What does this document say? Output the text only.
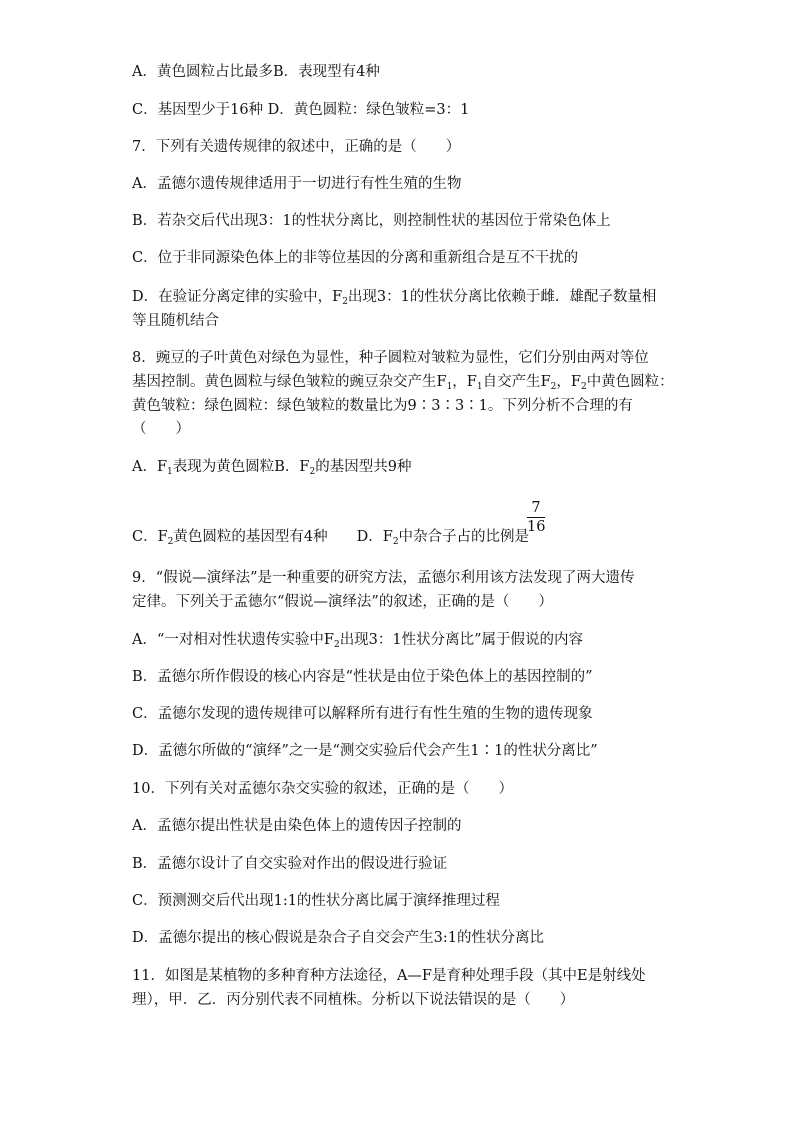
A．黄色圆粒占比最多B．表现型有4种
C．基因型少于16种 D．黄色圆粒：绿色皱粒=3：1
7．下列有关遗传规律的叙述中，正确的是（　　）
A．孟德尔遗传规律适用于一切进行有性生殖的生物
B．若杂交后代出现3：1的性状分离比，则控制性状的基因位于常染色体上
C．位于非同源染色体上的非等位基因的分离和重新组合是互不干扰的
D．在验证分离定律的实验中，$F_2$出现3：1的性状分离比依赖于雌．雄配子数量相
等且随机结合
8．豌豆的子叶黄色对绿色为显性，种子圆粒对皱粒为显性，它们分别由两对等位
基因控制。黄色圆粒与绿色皱粒的豌豆杂交产生$F_1$，$F_1$自交产生$F_2$，$F_2$中黄色圆粒：
黄色皱粒：绿色圆粒：绿色皱粒的数量比为9∶3∶3∶1。下列分析不合理的有
（　　）
A．$F_1$表现为黄色圆粒B．$F_2$的基因型共9种
C．$F_2$黄色圆粒的基因型有4种　　D．$F_2$中杂合子占的比例是
7
16
9．“假说—演绎法”是一种重要的研究方法，孟德尔利用该方法发现了两大遗传
定律。下列关于孟德尔“假说—演绎法”的叙述，正确的是（　　）
A．“一对相对性状遗传实验中$F_2$出现3：1性状分离比”属于假说的内容
B．孟德尔所作假设的核心内容是“性状是由位于染色体上的基因控制的”
C．孟德尔发现的遗传规律可以解释所有进行有性生殖的生物的遗传现象
D．孟德尔所做的“演绎”之一是“测交实验后代会产生1∶1的性状分离比”
10．下列有关对孟德尔杂交实验的叙述，正确的是（　　）
A．孟德尔提出性状是由染色体上的遗传因子控制的
B．孟德尔设计了自交实验对作出的假设进行验证
C．预测测交后代出现1:1的性状分离比属于演绎推理过程
D．孟德尔提出的核心假说是杂合子自交会产生3:1的性状分离比
11．如图是某植物的多种育种方法途径，A—F是育种处理手段（其中E是射线处
理），甲．乙．丙分别代表不同植株。分析以下说法错误的是（　　）
